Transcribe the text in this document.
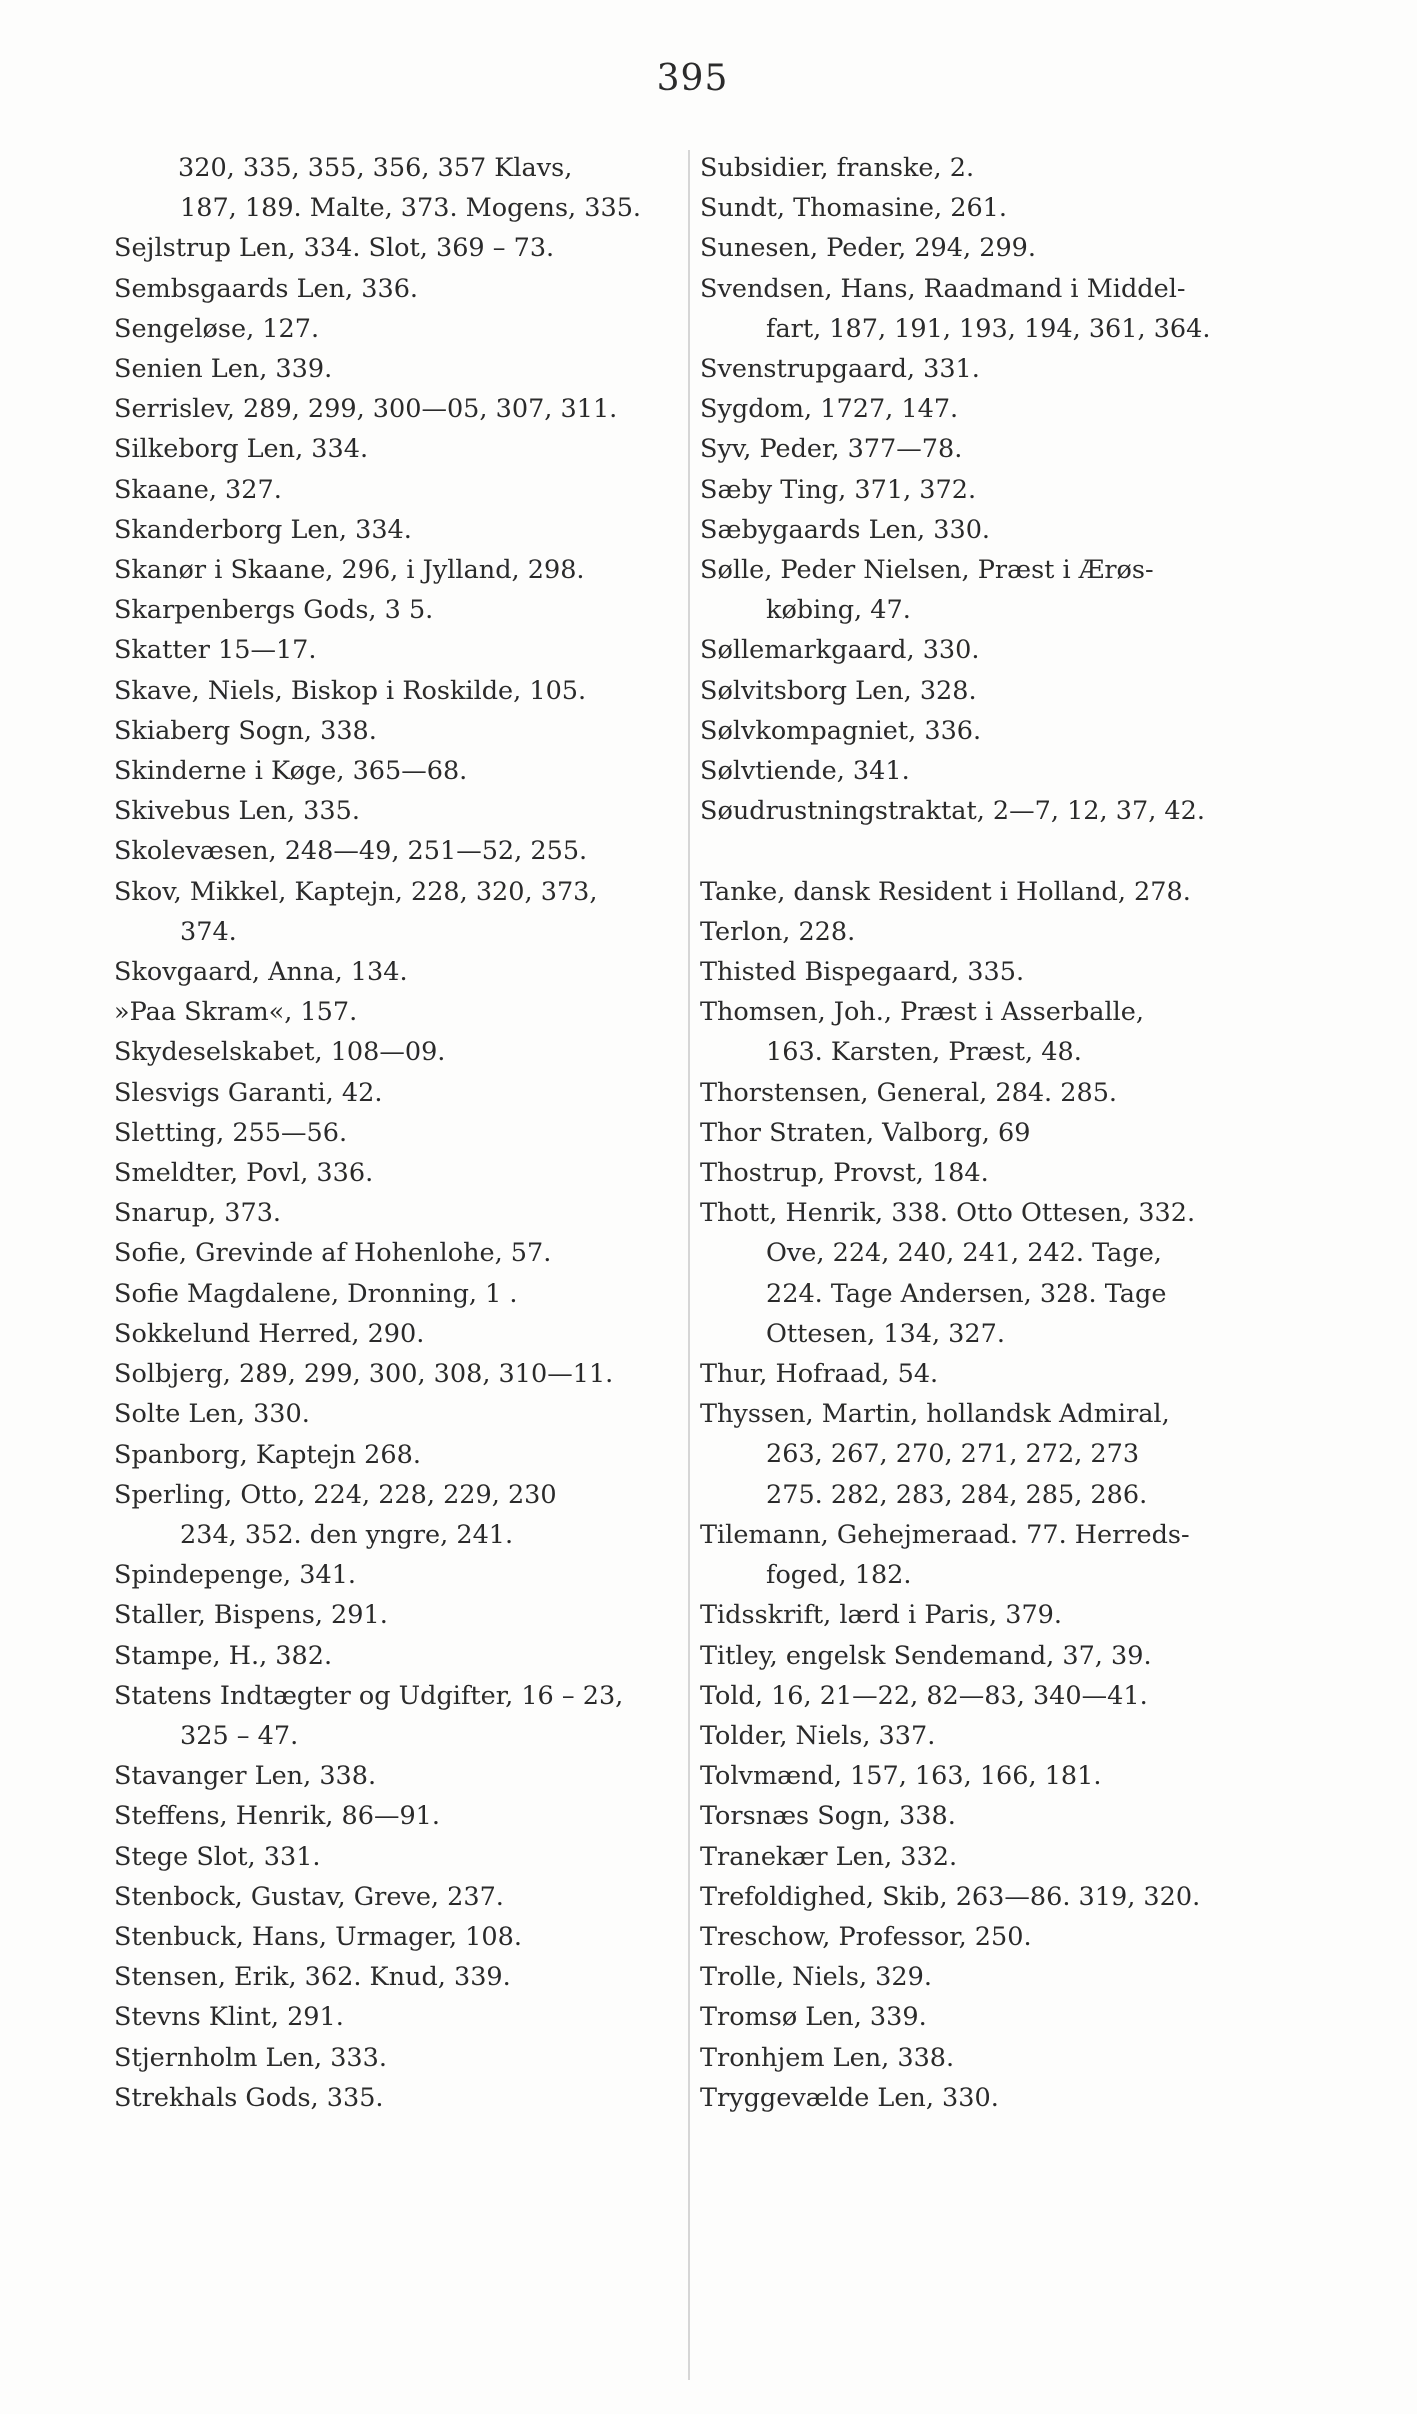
395
320, 335, 355, 356, 357 Klavs,
187, 189. Malte, 373. Mogens, 335.
Sejlstrup Len, 334. Slot, 369 – 73.
Sembsgaards Len, 336.
Sengeløse, 127.
Senien Len, 339.
Serrislev, 289, 299, 300—05, 307, 311.
Silkeborg Len, 334.
Skaane, 327.
Skanderborg Len, 334.
Skanør i Skaane, 296, i Jylland, 298.
Skarpenbergs Gods, 3 5.
Skatter 15—17.
Skave, Niels, Biskop i Roskilde, 105.
Skiaberg Sogn, 338.
Skinderne i Køge, 365—68.
Skivebus Len, 335.
Skolevæsen, 248—49, 251—52, 255.
Skov, Mikkel, Kaptejn, 228, 320, 373,
374.
Skovgaard, Anna, 134.
»Paa Skram«, 157.
Skydeselskabet, 108—09.
Slesvigs Garanti, 42.
Sletting, 255—56.
Smeldter, Povl, 336.
Snarup, 373.
Sofie, Grevinde af Hohenlohe, 57.
Sofie Magdalene, Dronning, 1 .
Sokkelund Herred, 290.
Solbjerg, 289, 299, 300, 308, 310—11.
Solte Len, 330.
Spanborg, Kaptejn 268.
Sperling, Otto, 224, 228, 229, 230
234, 352. den yngre, 241.
Spindepenge, 341.
Staller, Bispens, 291.
Stampe, H., 382.
Statens Indtægter og Udgifter, 16 – 23,
325 – 47.
Stavanger Len, 338.
Steffens, Henrik, 86—91.
Stege Slot, 331.
Stenbock, Gustav, Greve, 237.
Stenbuck, Hans, Urmager, 108.
Stensen, Erik, 362. Knud, 339.
Stevns Klint, 291.
Stjernholm Len, 333.
Strekhals Gods, 335.
Subsidier, franske, 2.
Sundt, Thomasine, 261.
Sunesen, Peder, 294, 299.
Svendsen, Hans, Raadmand i Middel-
fart, 187, 191, 193, 194, 361, 364.
Svenstrupgaard, 331.
Sygdom, 1727, 147.
Syv, Peder, 377—78.
Sæby Ting, 371, 372.
Sæbygaards Len, 330.
Sølle, Peder Nielsen, Præst i Ærøs-
købing, 47.
Søllemarkgaard, 330.
Sølvitsborg Len, 328.
Sølvkompagniet, 336.
Sølvtiende, 341.
Søudrustningstraktat, 2—7, 12, 37, 42.
Tanke, dansk Resident i Holland, 278.
Terlon, 228.
Thisted Bispegaard, 335.
Thomsen, Joh., Præst i Asserballe,
163. Karsten, Præst, 48.
Thorstensen, General, 284. 285.
Thor Straten, Valborg, 69
Thostrup, Provst, 184.
Thott, Henrik, 338. Otto Ottesen, 332.
Ove, 224, 240, 241, 242. Tage,
224. Tage Andersen, 328. Tage
Ottesen, 134, 327.
Thur, Hofraad, 54.
Thyssen, Martin, hollandsk Admiral,
263, 267, 270, 271, 272, 273
275. 282, 283, 284, 285, 286.
Tilemann, Gehejmeraad. 77. Herreds-
foged, 182.
Tidsskrift, lærd i Paris, 379.
Titley, engelsk Sendemand, 37, 39.
Told, 16, 21—22, 82—83, 340—41.
Tolder, Niels, 337.
Tolvmænd, 157, 163, 166, 181.
Torsnæs Sogn, 338.
Tranekær Len, 332.
Trefoldighed, Skib, 263—86. 319, 320.
Treschow, Professor, 250.
Trolle, Niels, 329.
Tromsø Len, 339.
Tronhjem Len, 338.
Tryggevælde Len, 330.
